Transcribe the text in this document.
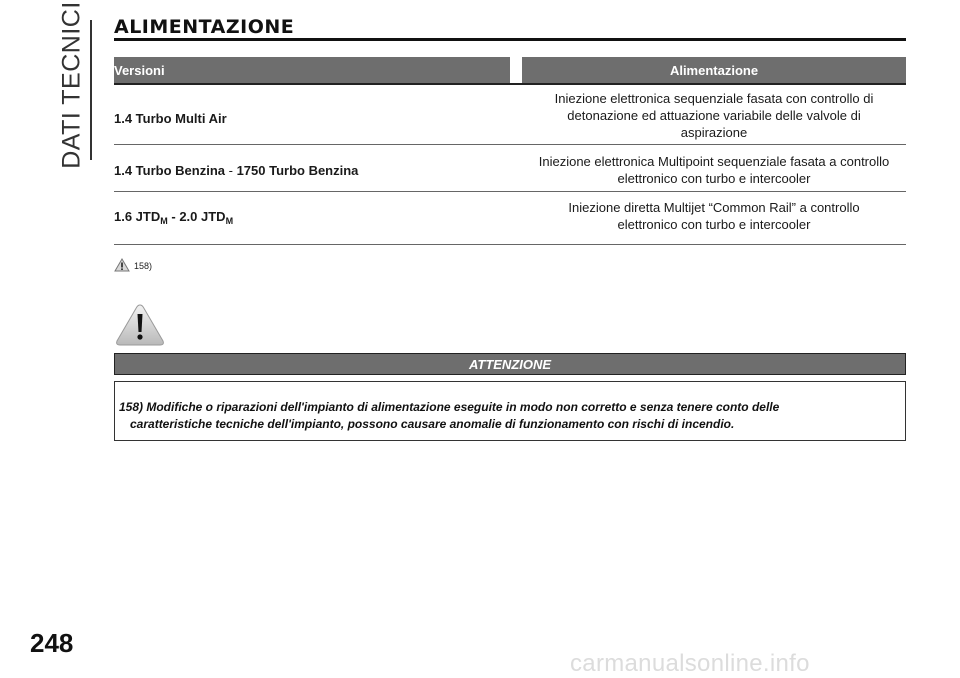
DATI TECNICI ALIMENTAZIONE
Versioni	Alimentazione
1.4 Turbo Multi Air
Iniezione elettronica sequenziale fasata con controllo di
detonazione ed attuazione variabile delle valvole di
aspirazione
1.4 Turbo Benzina - 1750 Turbo Benzina
Iniezione elettronica Multipoint sequenziale fasata a controllo
elettronico con turbo e intercooler
1.6 $JTD_M - 2.0$ $JTD_M$
Iniezione diretta Multijet “Common Rail” a controllo
elettronico con turbo e intercooler
158)
ATTENZIONE
158) Modifiche o riparazioni dell'impianto di alimentazione eseguite in modo non corretto e senza tenere conto delle
caratteristiche tecniche dell'impianto, possono causare anomalie di funzionamento con rischi di incendio.
248
carmanualsonline.info
